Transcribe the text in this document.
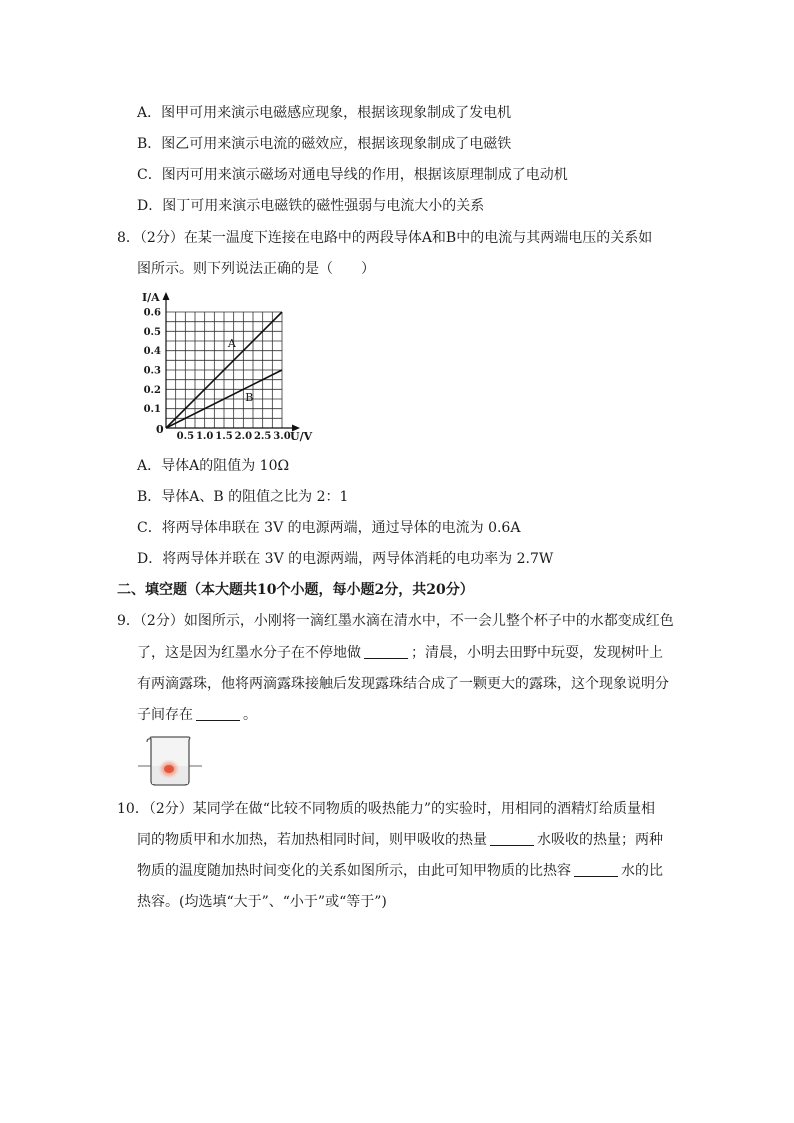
A．图甲可用来演示电磁感应现象，根据该现象制成了发电机
B．图乙可用来演示电流的磁效应，根据该现象制成了电磁铁
C．图丙可用来演示磁场对通电导线的作用，根据该原理制成了电动机
D．图丁可用来演示电磁铁的磁性强弱与电流大小的关系
8．（2分）在某一温度下连接在电路中的两段导体A和B中的电流与其两端电压的关系如
图所示。则下列说法正确的是（　　）
I/A
U/V
0
0.5 1.0 1.5 2.0 2.5 3.0
0.1
0.2
0.3
0.4
0.5
0.6
A
B
A．导体A的阻值为 10Ω
B．导体A、B 的阻值之比为 2：1
C．将两导体串联在 3V 的电源两端，通过导体的电流为 0.6A
D．将两导体并联在 3V 的电源两端，两导体消耗的电功率为 2.7W
二、填空题（本大题共10个小题，每小题2分，共20分）
9．（2分）如图所示，小刚将一滴红墨水滴在清水中，不一会儿整个杯子中的水都变成红色
了，这是因为红墨水分子在不停地做	；清晨，小明去田野中玩耍，发现树叶上
有两滴露珠，他将两滴露珠接触后发现露珠结合成了一颗更大的露珠，这个现象说明分
子间存在	。
10．（2分）某同学在做“比较不同物质的吸热能力”的实验时，用相同的酒精灯给质量相
同的物质甲和水加热，若加热相同时间，则甲吸收的热量	水吸收的热量；两种
物质的温度随加热时间变化的关系如图所示，由此可知甲物质的比热容	水的比
热容。(均选填“大于”、“小于”或“等于”)
